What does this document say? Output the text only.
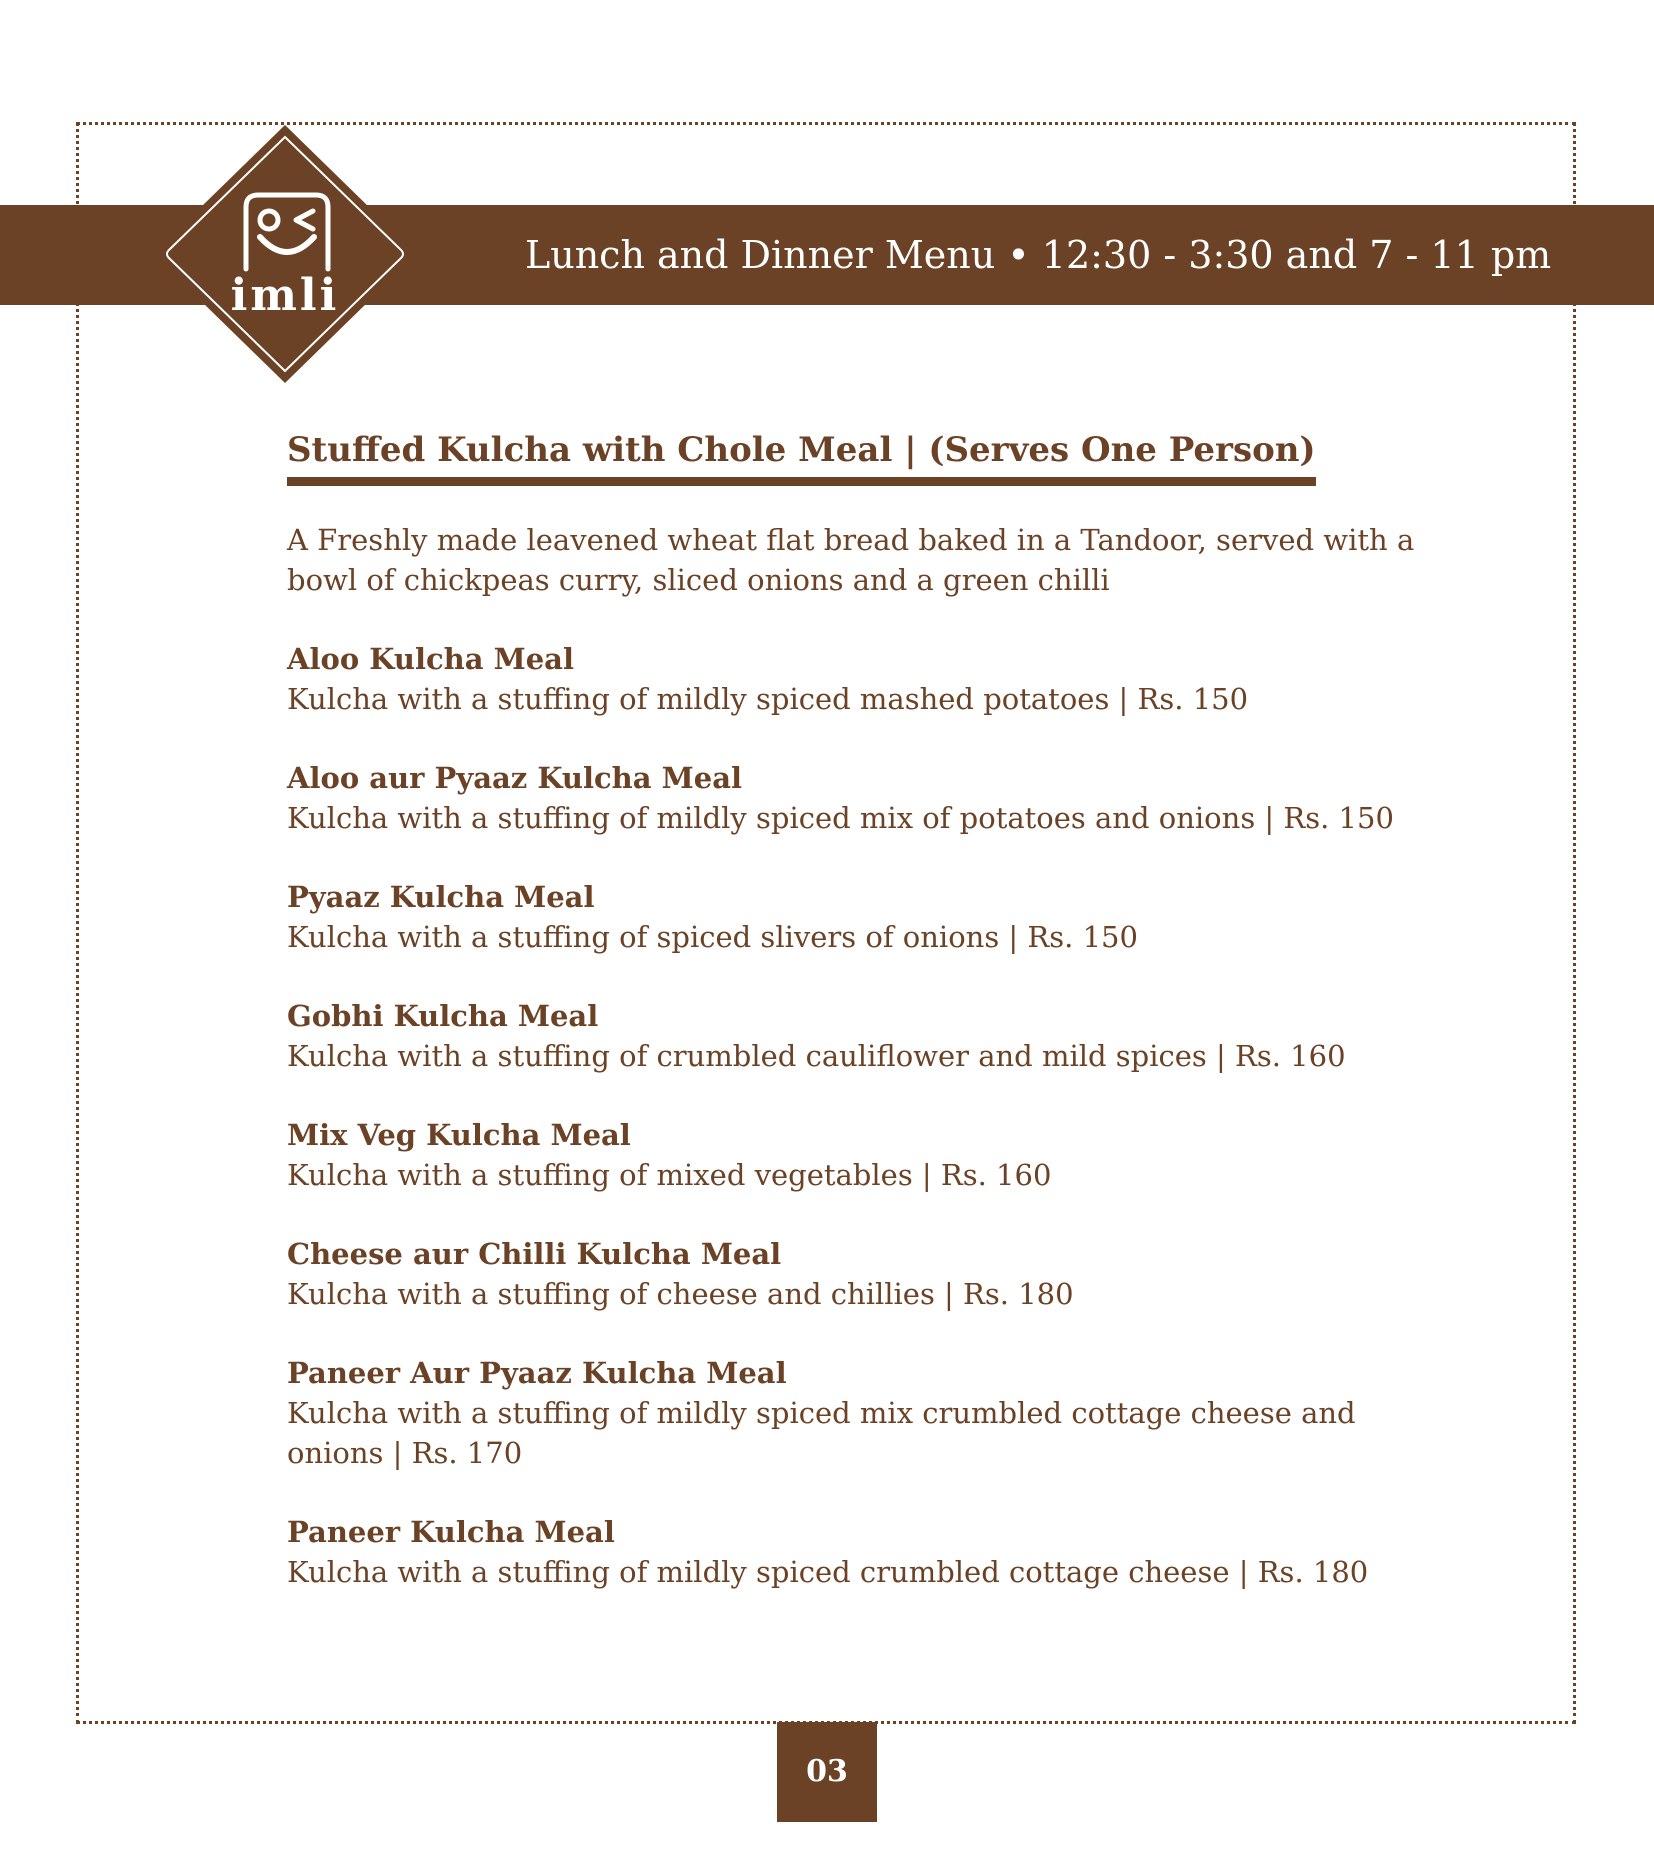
Lunch and Dinner Menu • 12:30 - 3:30 and 7 - 11 pm
imli
Stuffed Kulcha with Chole Meal | (Serves One Person)

A Freshly made leavened wheat flat bread baked in a Tandoor, served with a bowl of chickpeas curry, sliced onions and a green chilli

Aloo Kulcha Meal
Kulcha with a stuffing of mildly spiced mashed potatoes | Rs. 150
Aloo aur Pyaaz Kulcha Meal
Kulcha with a stuffing of mildly spiced mix of potatoes and onions | Rs. 150
Pyaaz Kulcha Meal
Kulcha with a stuffing of spiced slivers of onions | Rs. 150
Gobhi Kulcha Meal
Kulcha with a stuffing of crumbled cauliflower and mild spices | Rs. 160
Mix Veg Kulcha Meal
Kulcha with a stuffing of mixed vegetables | Rs. 160
Cheese aur Chilli Kulcha Meal
Kulcha with a stuffing of cheese and chillies | Rs. 180
Paneer Aur Pyaaz Kulcha Meal
Kulcha with a stuffing of mildly spiced mix crumbled cottage cheese and onions | Rs. 170
Paneer Kulcha Meal
Kulcha with a stuffing of mildly spiced crumbled cottage cheese | Rs. 180
03
